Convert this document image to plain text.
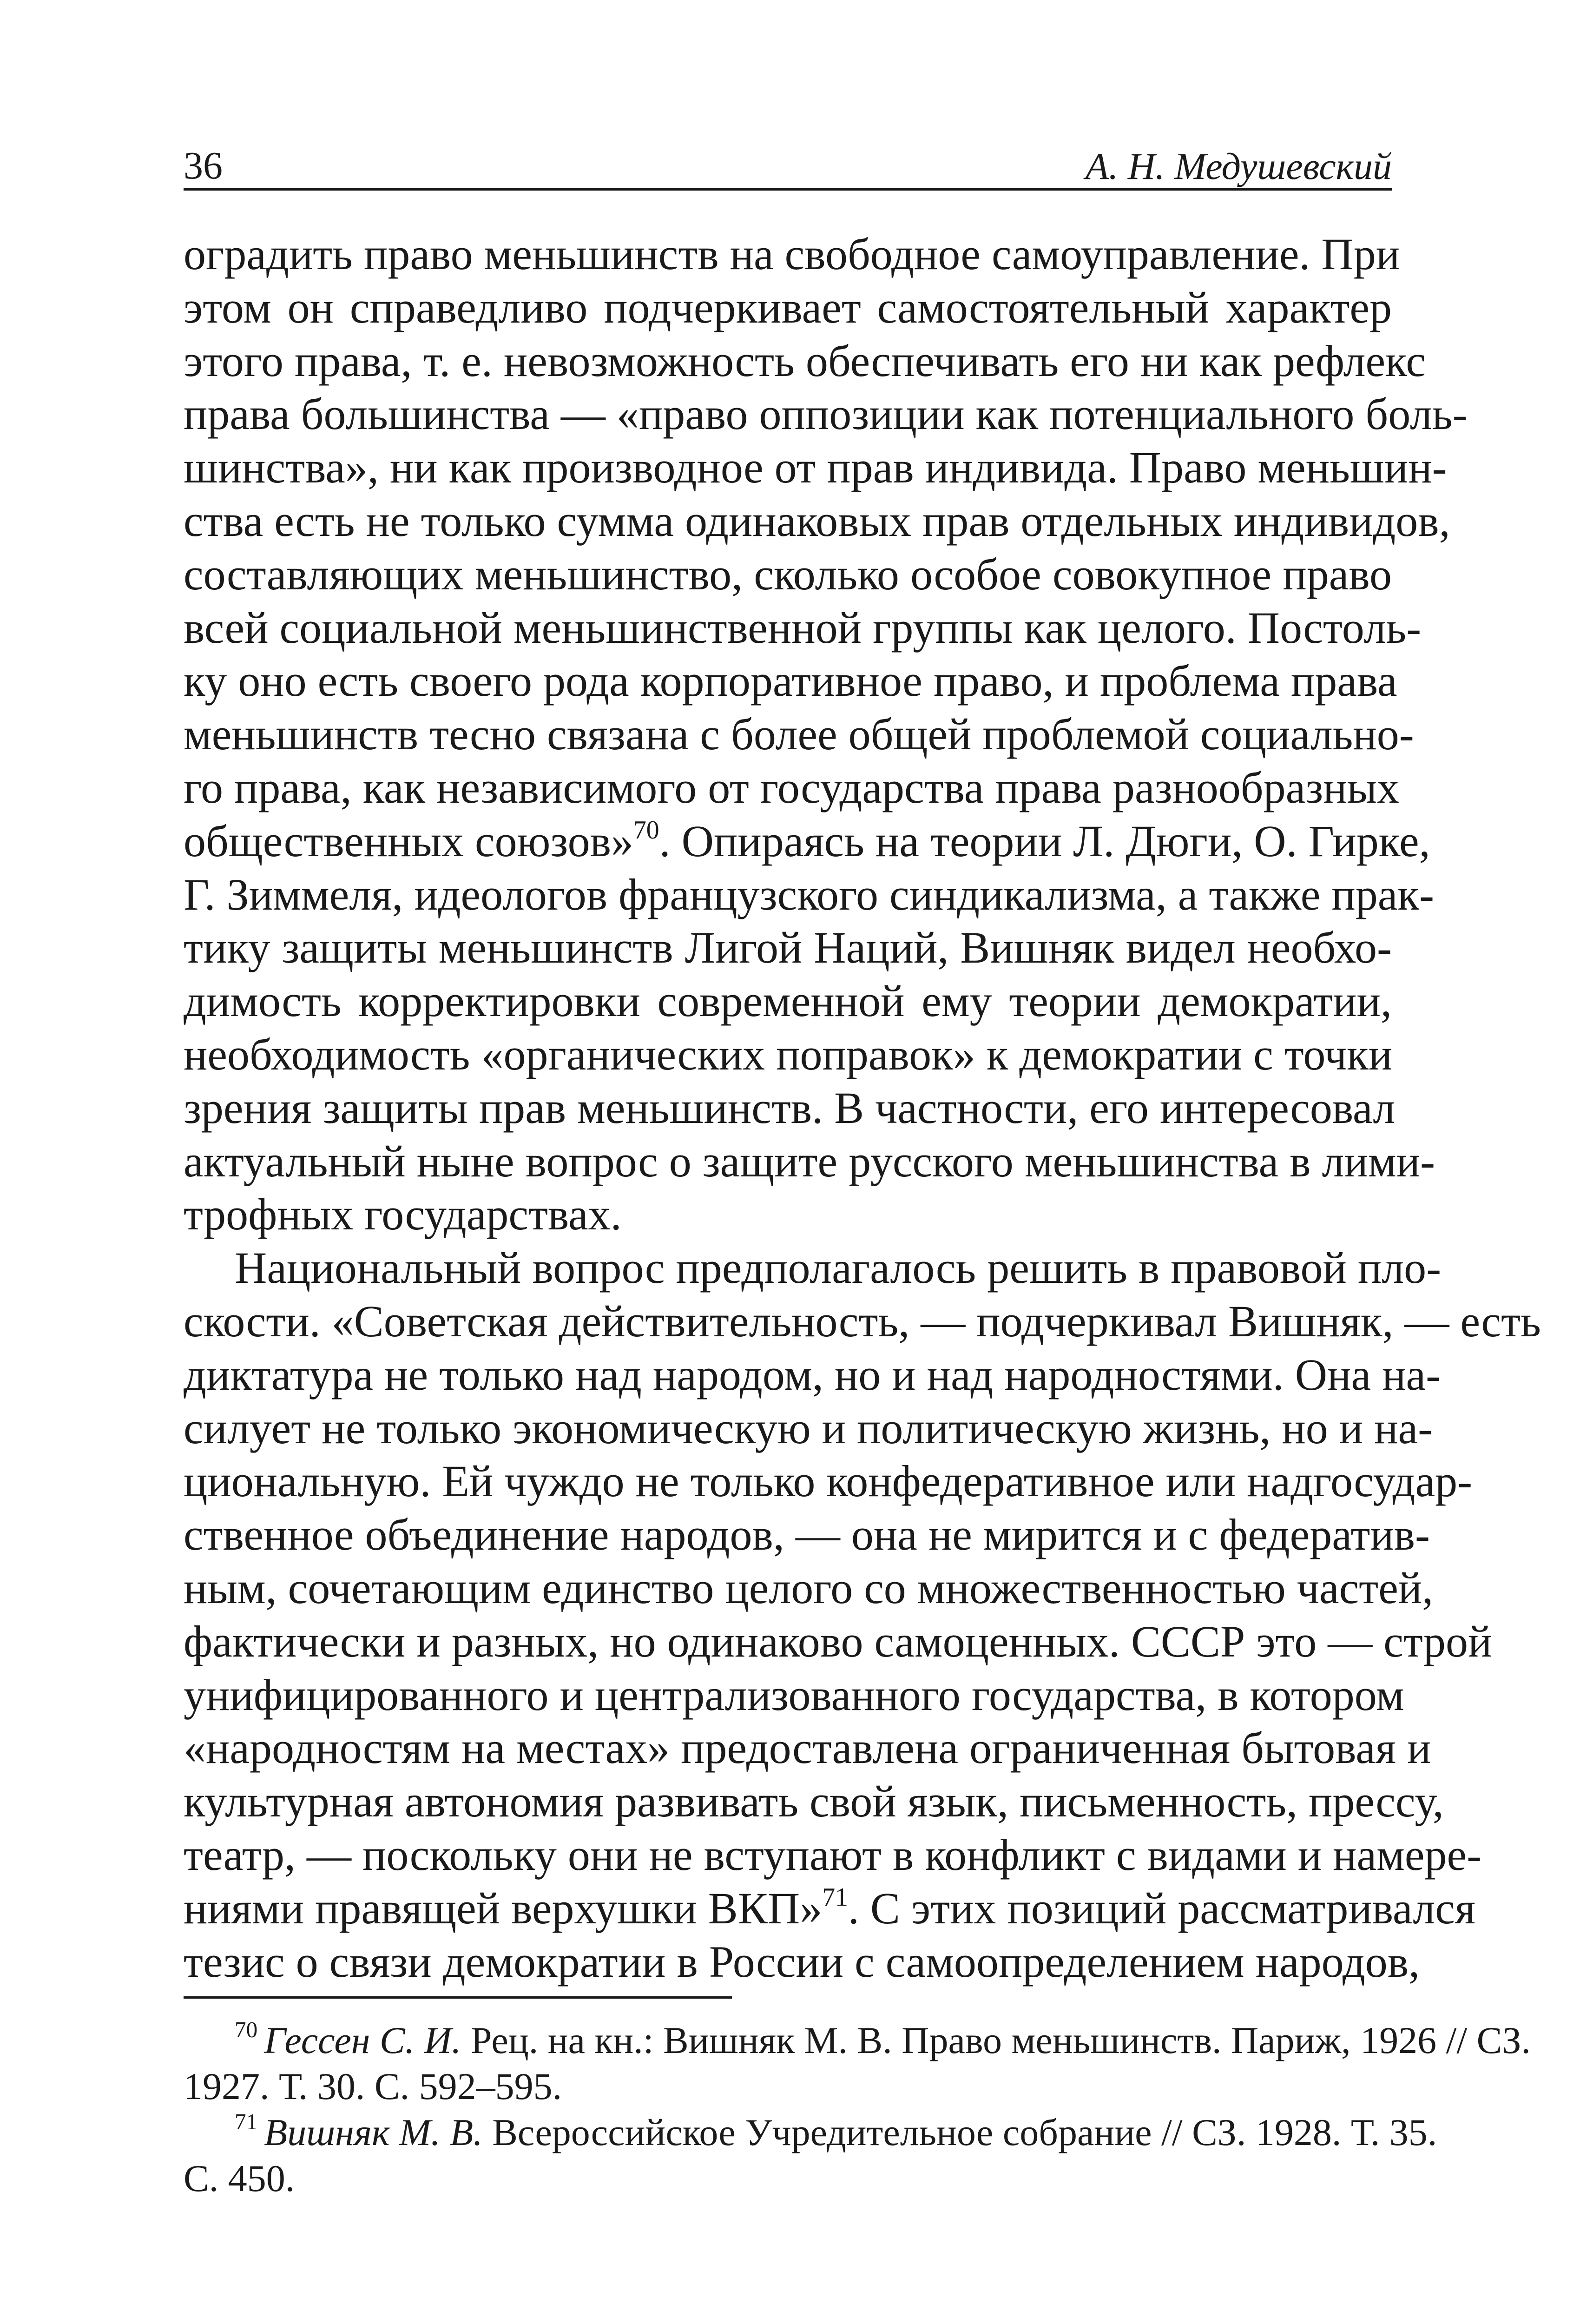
36	А. Н. Медушевский
оградить право меньшинств на свободное самоуправление. При
этом он справедливо подчеркивает самостоятельный характер
этого права, т. е. невозможность обеспечивать его ни как рефлекс
права большинства — «право оппозиции как потенциального боль-
шинства», ни как производное от прав индивида. Право меньшин-
ства есть не только сумма одинаковых прав отдельных индивидов,
составляющих меньшинство, сколько особое совокупное право
всей социальной меньшинственной группы как целого. Постоль-
ку оно есть своего рода корпоративное право, и проблема права
меньшинств тесно связана с более общей проблемой социально-
го права, как независимого от государства права разнообразных
общественных союзов»$^{70}$. Опираясь на теории Л. Дюги, О. Гирке,
Г. Зиммеля, идеологов французского синдикализма, а также прак-
тику защиты меньшинств Лигой Наций, Вишняк видел необхо-
димость корректировки современной ему теории демократии,
необходимость «органических поправок» к демократии с точки
зрения защиты прав меньшинств. В частности, его интересовал
актуальный ныне вопрос о защите русского меньшинства в лими-
трофных государствах.
Национальный вопрос предполагалось решить в правовой пло-
скости. «Советская действительность, — подчеркивал Вишняк, — есть
диктатура не только над народом, но и над народностями. Она на-
силует не только экономическую и политическую жизнь, но и на-
циональную. Ей чуждо не только конфедеративное или надгосудар-
ственное объединение народов, — она не мирится и с федератив-
ным, сочетающим единство целого со множественностью частей,
фактически и разных, но одинаково самоценных. СССР это — строй
унифицированного и централизованного государства, в котором
«народностям на местах» предоставлена ограниченная бытовая и
культурная автономия развивать свой язык, письменность, прессу,
театр, — поскольку они не вступают в конфликт с видами и намере-
ниями правящей верхушки ВКП»$^{71}$. С этих позиций рассматривался
тезис о связи демократии в России с самоопределением народов,
$^{70}$ Гессен С. И. Рец. на кн.: Вишняк М. В. Право меньшинств. Париж, 1926 // СЗ.
1927. Т. 30. С. 592–595.
$^{71}$ Вишняк М. В. Всероссийское Учредительное собрание // СЗ. 1928. Т. 35.
С. 450.
